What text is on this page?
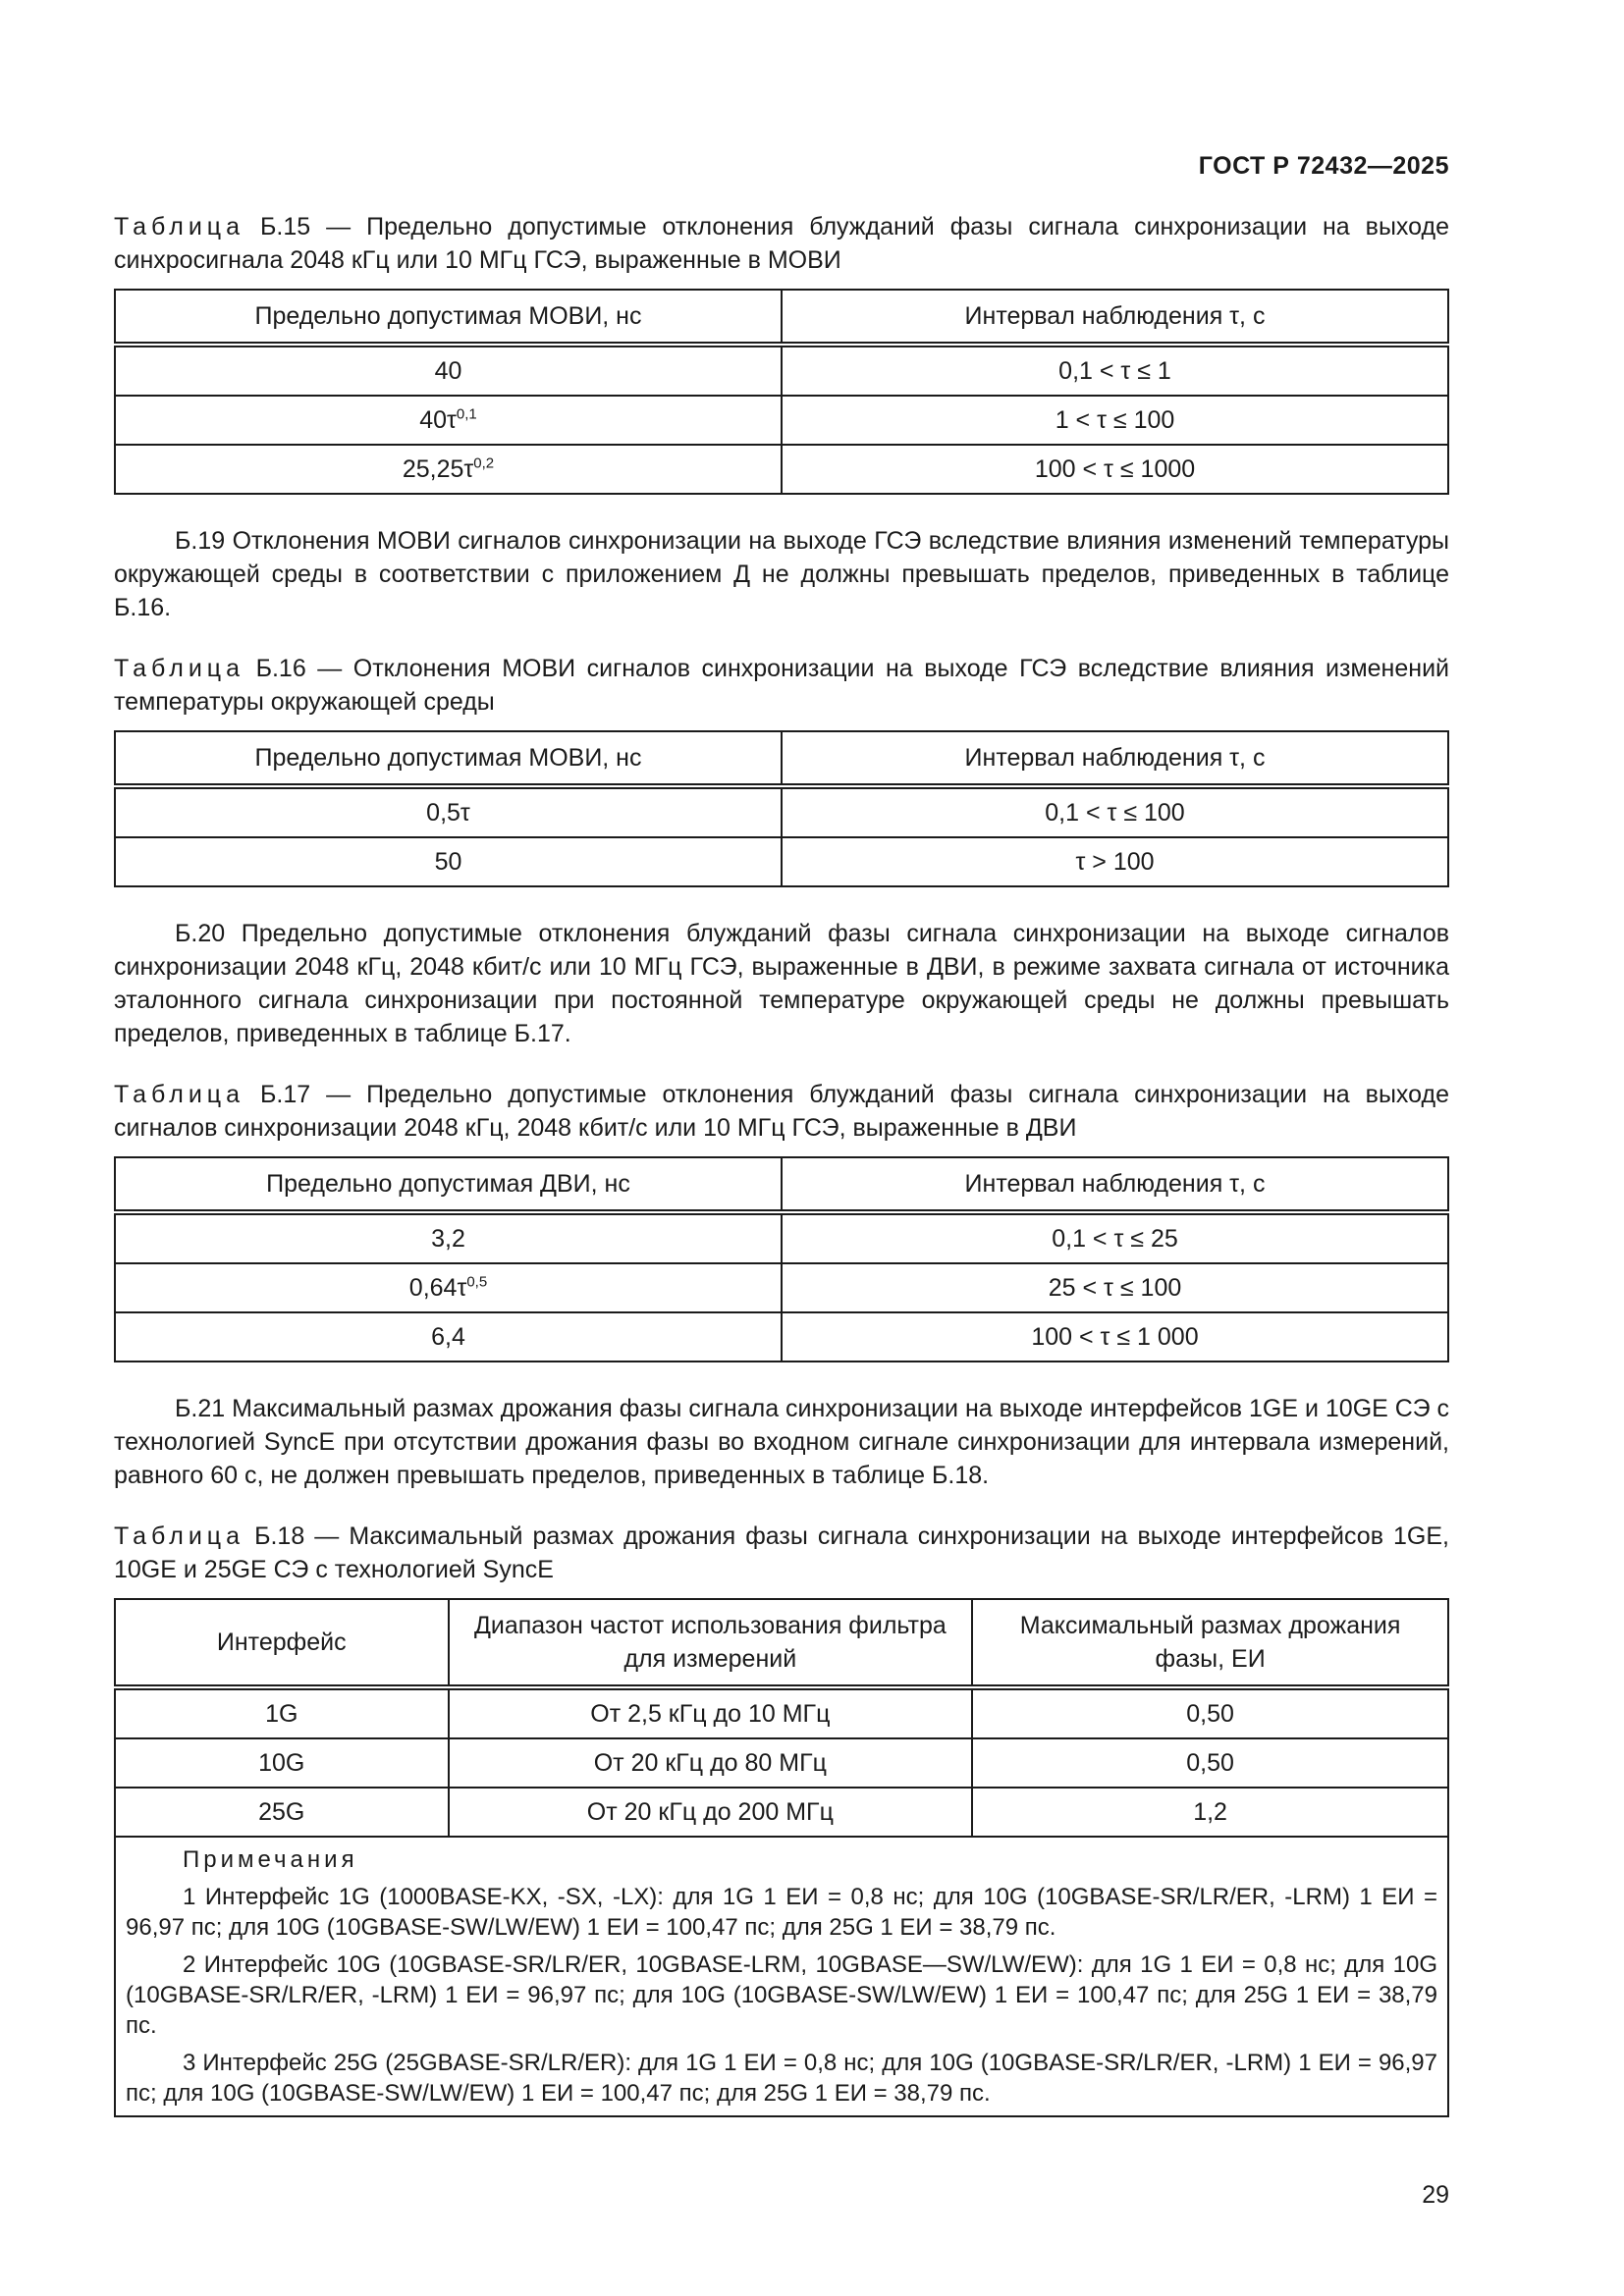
ГОСТ Р 72432—2025

Таблица Б.15 — Предельно допустимые отклонения блужданий фазы сигнала синхронизации на выходе синхросигнала 2048 кГц или 10 МГц ГСЭ, выраженные в МОВИ

Предельно допустимая МОВИ, нс	Интервал наблюдения τ, с
40	0,1 < τ ≤ 1
$40\tau^{0,1}$	1 < τ ≤ 100
$25,25\tau^{0,2}$	100 < τ ≤ 1000

Б.19 Отклонения МОВИ сигналов синхронизации на выходе ГСЭ вследствие влияния изменений температуры окружающей среды в соответствии с приложением Д не должны превышать пределов, приведенных в таблице Б.16.

Таблица Б.16 — Отклонения МОВИ сигналов синхронизации на выходе ГСЭ вследствие влияния изменений температуры окружающей среды

Предельно допустимая МОВИ, нс	Интервал наблюдения τ, с
0,5τ	0,1 < τ ≤ 100
50	τ > 100

Б.20 Предельно допустимые отклонения блужданий фазы сигнала синхронизации на выходе сигналов синхронизации 2048 кГц, 2048 кбит/с или 10 МГц ГСЭ, выраженные в ДВИ, в режиме захвата сигнала от источника эталонного сигнала синхронизации при постоянной температуре окружающей среды не должны превышать пределов, приведенных в таблице Б.17.

Таблица Б.17 — Предельно допустимые отклонения блужданий фазы сигнала синхронизации на выходе сигналов синхронизации 2048 кГц, 2048 кбит/с или 10 МГц ГСЭ, выраженные в ДВИ

Предельно допустимая ДВИ, нс	Интервал наблюдения τ, с
3,2	0,1 < τ ≤ 25
$0,64\tau^{0,5}$	25 < τ ≤ 100
6,4	100 < τ ≤ 1 000

Б.21 Максимальный размах дрожания фазы сигнала синхронизации на выходе интерфейсов 1GE и 10GE СЭ с технологией SyncE при отсутствии дрожания фазы во входном сигнале синхронизации для интервала измерений, равного 60 с, не должен превышать пределов, приведенных в таблице Б.18.

Таблица Б.18 — Максимальный размах дрожания фазы сигнала синхронизации на выходе интерфейсов 1GE, 10GE и 25GE СЭ с технологией SyncE

Интерфейс	Диапазон частот использования фильтра для измерений	Максимальный размах дрожания фазы, ЕИ
1G	От 2,5 кГц до 10 МГц	0,50
10G	От 20 кГц до 80 МГц	0,50
25G	От 20 кГц до 200 МГц	1,2

Примечания

1 Интерфейс 1G (1000BASE-KX, -SX, -LX): для 1G 1 ЕИ = 0,8 нс; для 10G (10GBASE-SR/LR/ER, -LRM) 1 ЕИ = 96,97 пс; для 10G (10GBASE-SW/LW/EW) 1 ЕИ = 100,47 пс; для 25G 1 ЕИ = 38,79 пс.

2 Интерфейс 10G (10GBASE-SR/LR/ER, 10GBASE-LRM, 10GBASE—SW/LW/EW): для 1G 1 ЕИ = 0,8 нс; для 10G (10GBASE-SR/LR/ER, -LRM) 1 ЕИ = 96,97 пс; для 10G (10GBASE-SW/LW/EW) 1 ЕИ = 100,47 пс; для 25G 1 ЕИ = 38,79 пс.

3 Интерфейс 25G (25GBASE-SR/LR/ER): для 1G 1 ЕИ = 0,8 нс; для 10G (10GBASE-SR/LR/ER, -LRM) 1 ЕИ = 96,97 пс; для 10G (10GBASE-SW/LW/EW) 1 ЕИ = 100,47 пс; для 25G 1 ЕИ = 38,79 пс.		

29
